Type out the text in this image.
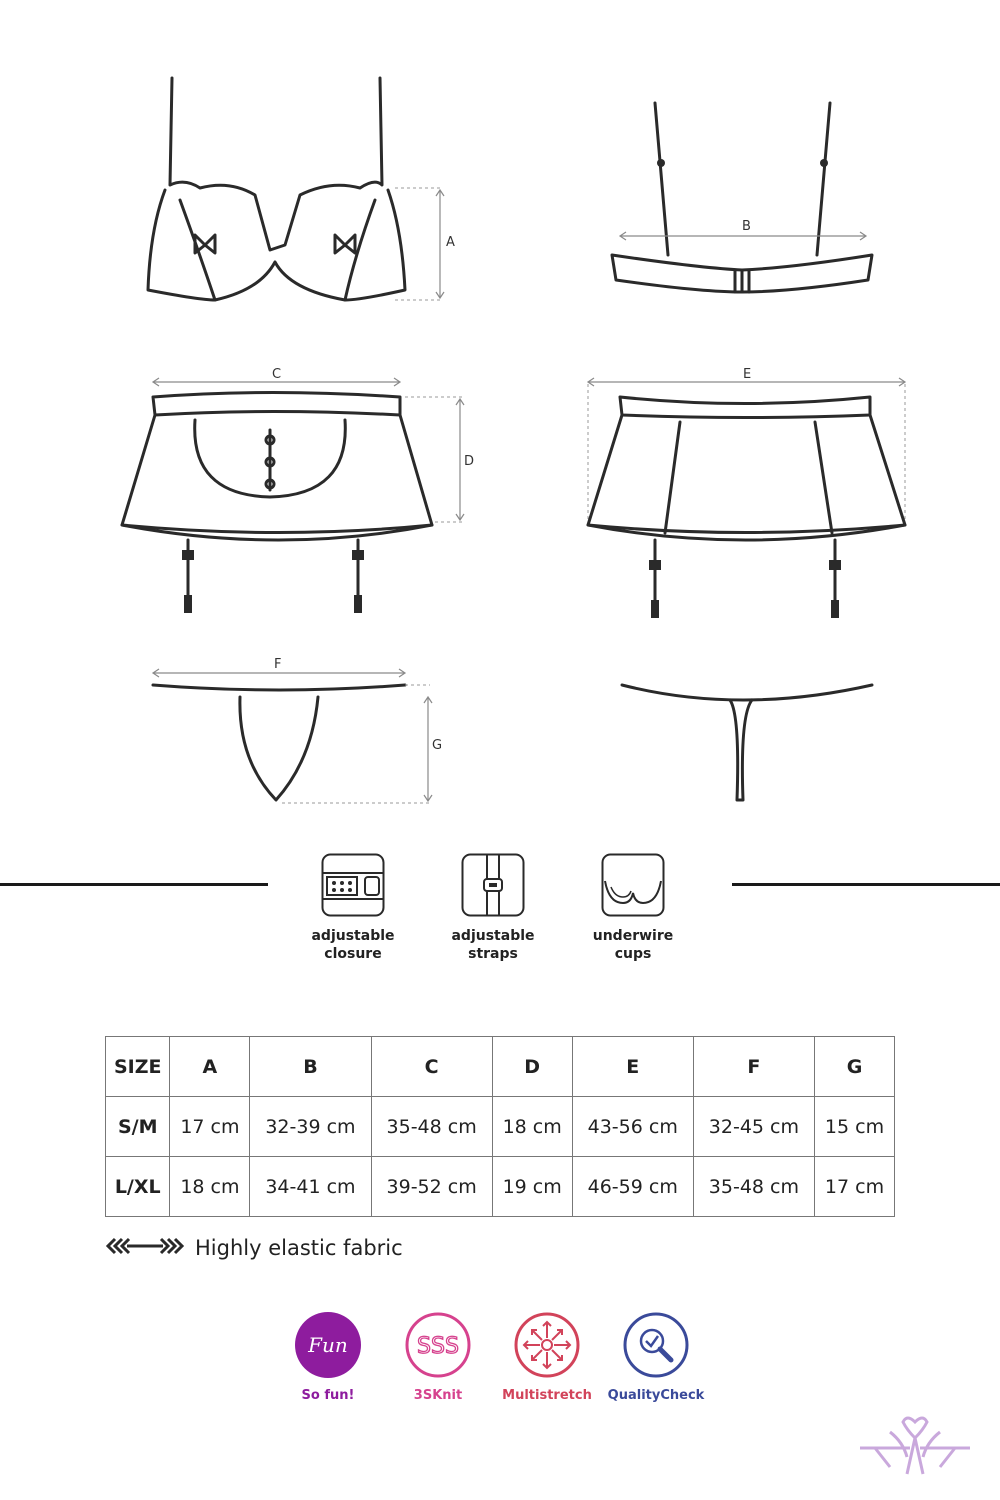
A
B
C
D
E
F
G
adjustable
closure
adjustable
straps
underwire
cups
SIZE	A	B	C	D	E	F	G
S/M	17 cm	32-39 cm	35-48 cm	18 cm	43-56 cm	32-45 cm	15 cm
L/XL	18 cm	34-41 cm	39-52 cm	19 cm	46-59 cm	35-48 cm	17 cm
Highly elastic fabric
Fun
So fun!
SSS
3SKnit	Multistretch	QualityCheck
